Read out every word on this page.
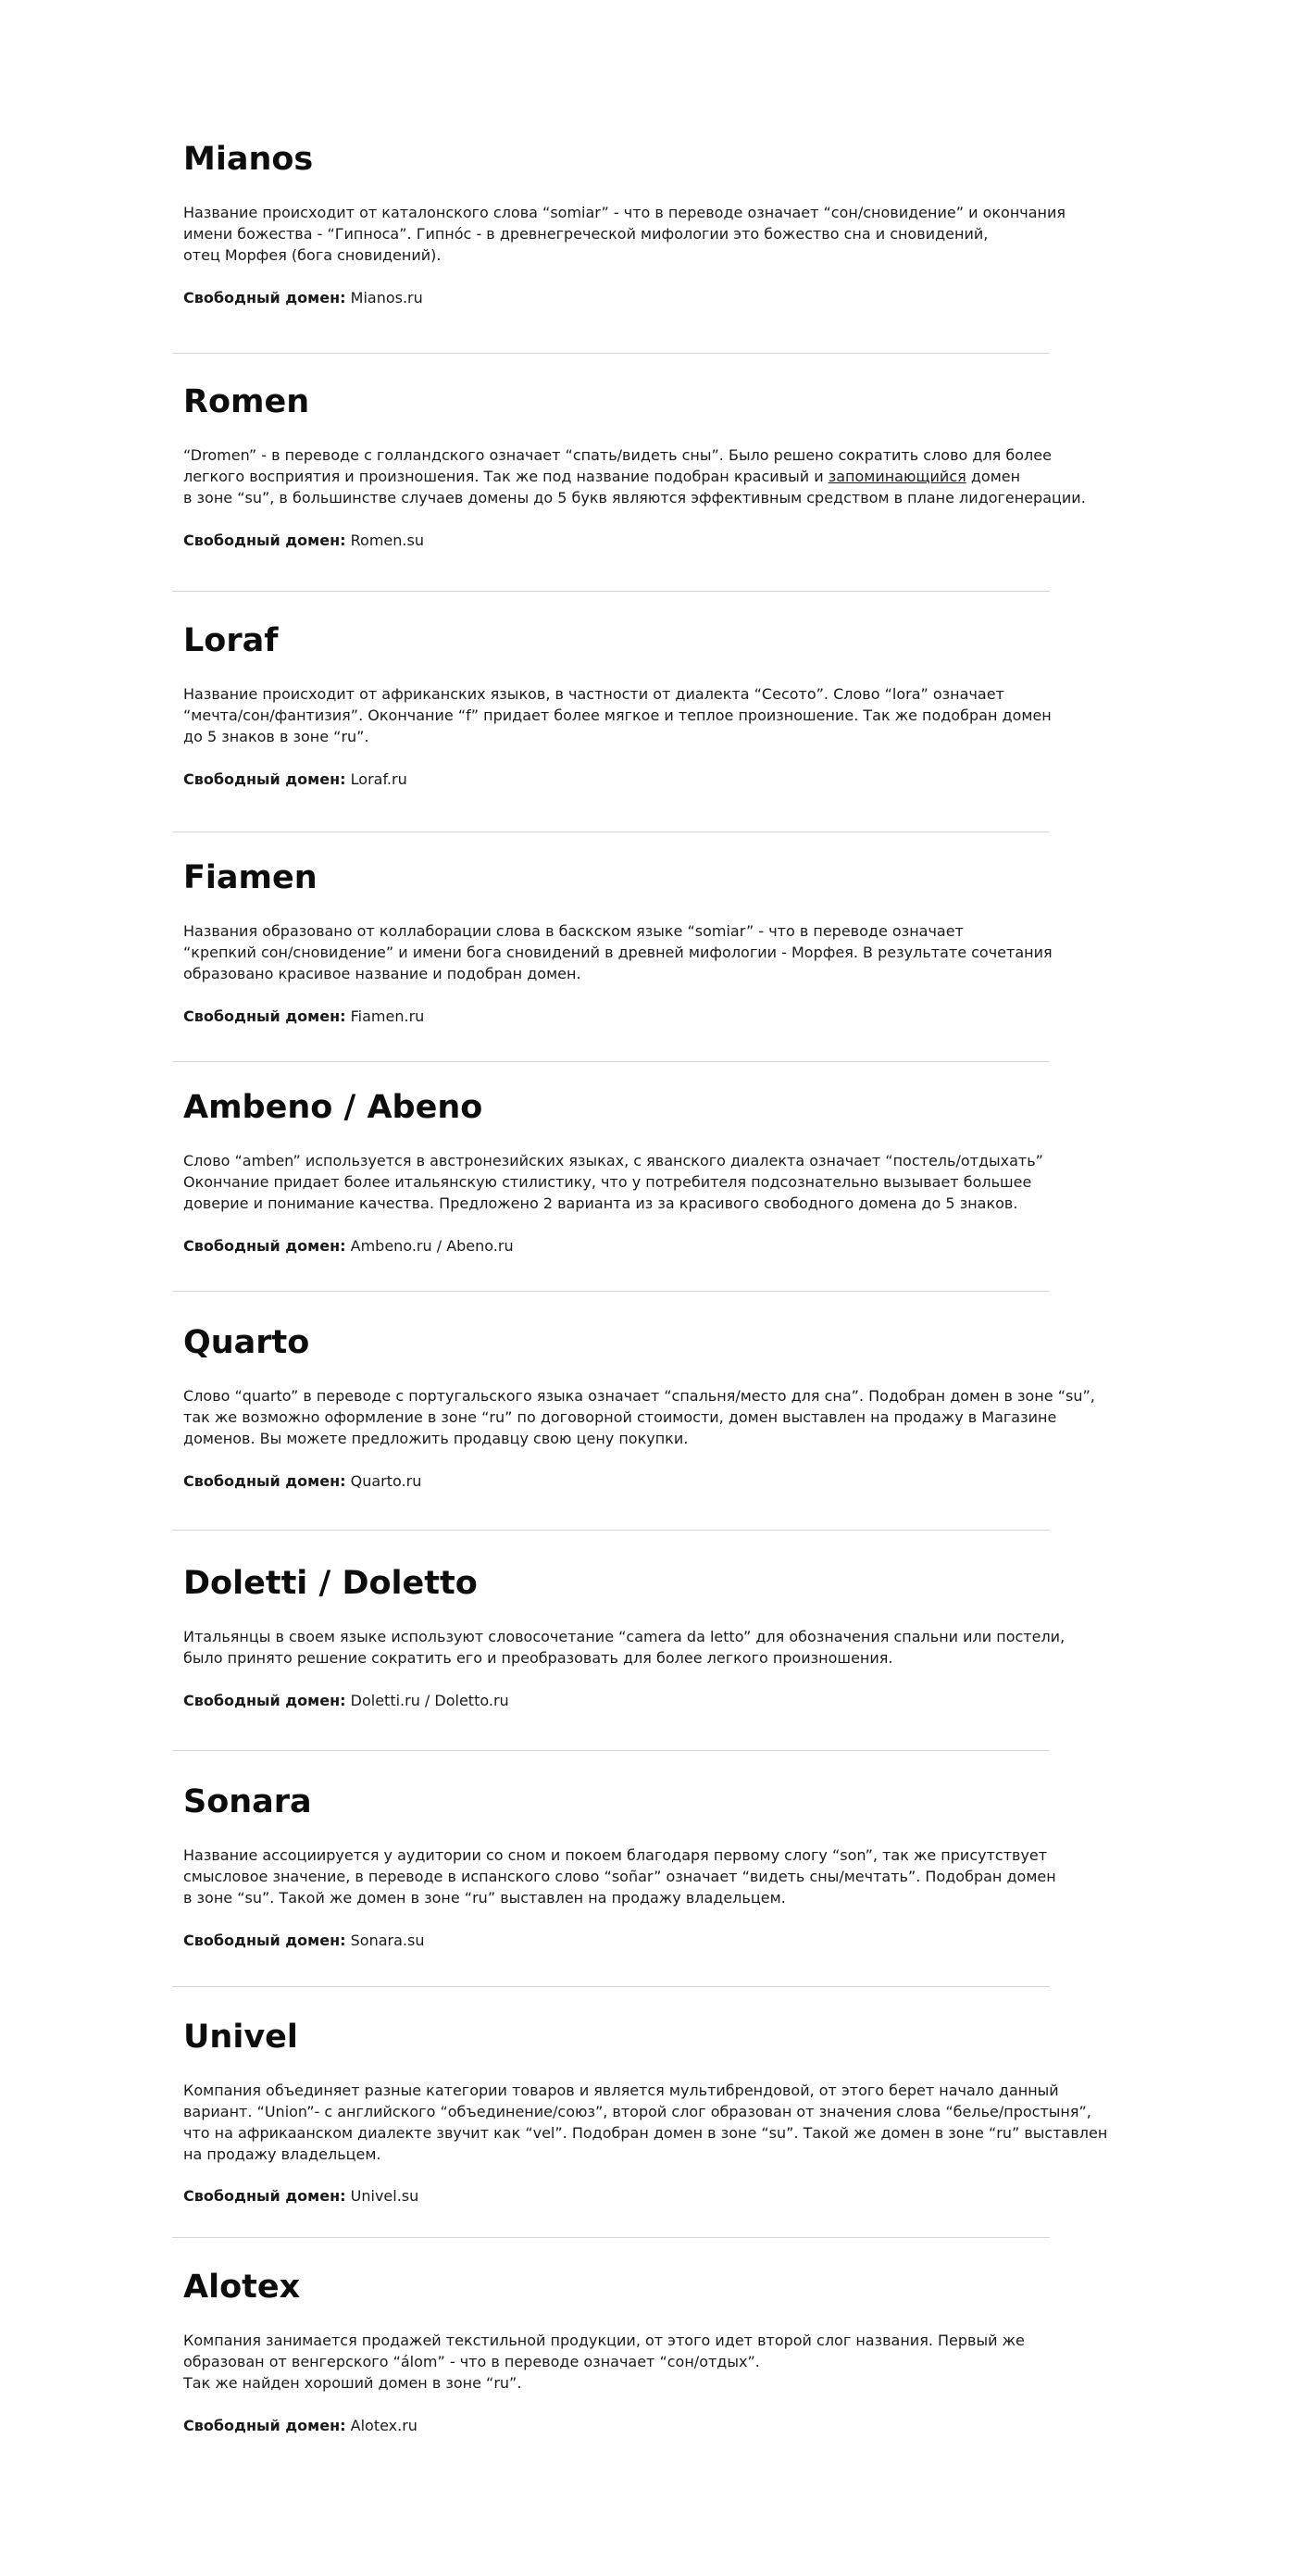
Mianos

Название происходит от каталонского слова “somiar” - что в переводе означает “сон/сновидение” и окончания
имени божества - “Гипноса”. Гипно́с - в древнегреческой мифологии это божество сна и сновидений,
отец Морфея (бога сновидений).

Свободный домен: Mianos.ru

Romen

“Dromen” - в переводе с голландского означает “спать/видеть сны”. Было решено сократить слово для более
легкого восприятия и произношения. Так же под название подобран красивый и запоминающийся домен
в зоне “su”, в большинстве случаев домены до 5 букв являются эффективным средством в плане лидогенерации.

Свободный домен: Romen.su

Loraf

Название происходит от африканских языков, в частности от диалекта “Сесото”. Слово “lora” означает
“мечта/сон/фантизия”. Окончание “f” придает более мягкое и теплое произношение. Так же подобран домен
до 5 знаков в зоне “ru”.

Свободный домен: Loraf.ru

Fiamen

Названия образовано от коллаборации слова в баскском языке “somiar” - что в переводе означает
“крепкий сон/сновидение” и имени бога сновидений в древней мифологии - Морфея. В результате сочетания
образовано красивое название и подобран домен.

Свободный домен: Fiamen.ru

Ambeno / Abeno

Слово “amben” используется в австронезийских языках, с яванского диалекта означает “постель/отдыхать”
Окончание придает более итальянскую стилистику, что у потребителя подсознательно вызывает большее
доверие и понимание качества. Предложено 2 варианта из за красивого свободного домена до 5 знаков.

Свободный домен: Ambeno.ru / Abeno.ru

Quarto

Слово “quarto” в переводе с португальского языка означает “спальня/место для сна”. Подобран домен в зоне “su”,
так же возможно оформление в зоне “ru” по договорной стоимости, домен выставлен на продажу в Магазине
доменов. Вы можете предложить продавцу свою цену покупки.

Свободный домен: Quarto.ru

Doletti / Doletto

Итальянцы в своем языке используют словосочетание “camera da letto” для обозначения спальни или постели,
было принято решение сократить его и преобразовать для более легкого произношения.

Свободный домен: Doletti.ru / Doletto.ru

Sonara

Название ассоциируется у аудитории со сном и покоем благодаря первому слогу “son”, так же присутствует
смысловое значение, в переводе в испанского слово “soñar” означает “видеть сны/мечтать”. Подобран домен
в зоне “su”. Такой же домен в зоне “ru” выставлен на продажу владельцем.

Свободный домен: Sonara.su

Univel

Компания объединяет разные категории товаров и является мультибрендовой, от этого берет начало данный
вариант. “Union”- с английского “объединение/союз”, второй слог образован от значения слова “белье/простыня”,
что на африкаанском диалекте звучит как “vel”. Подобран домен в зоне “su”. Такой же домен в зоне “ru” выставлен
на продажу владельцем.

Свободный домен: Univel.su

Alotex

Компания занимается продажей текстильной продукции, от этого идет второй слог названия. Первый же
образован от венгерского “álom” - что в переводе означает “сон/отдых”.
Так же найден хороший домен в зоне “ru”.

Свободный домен: Alotex.ru
